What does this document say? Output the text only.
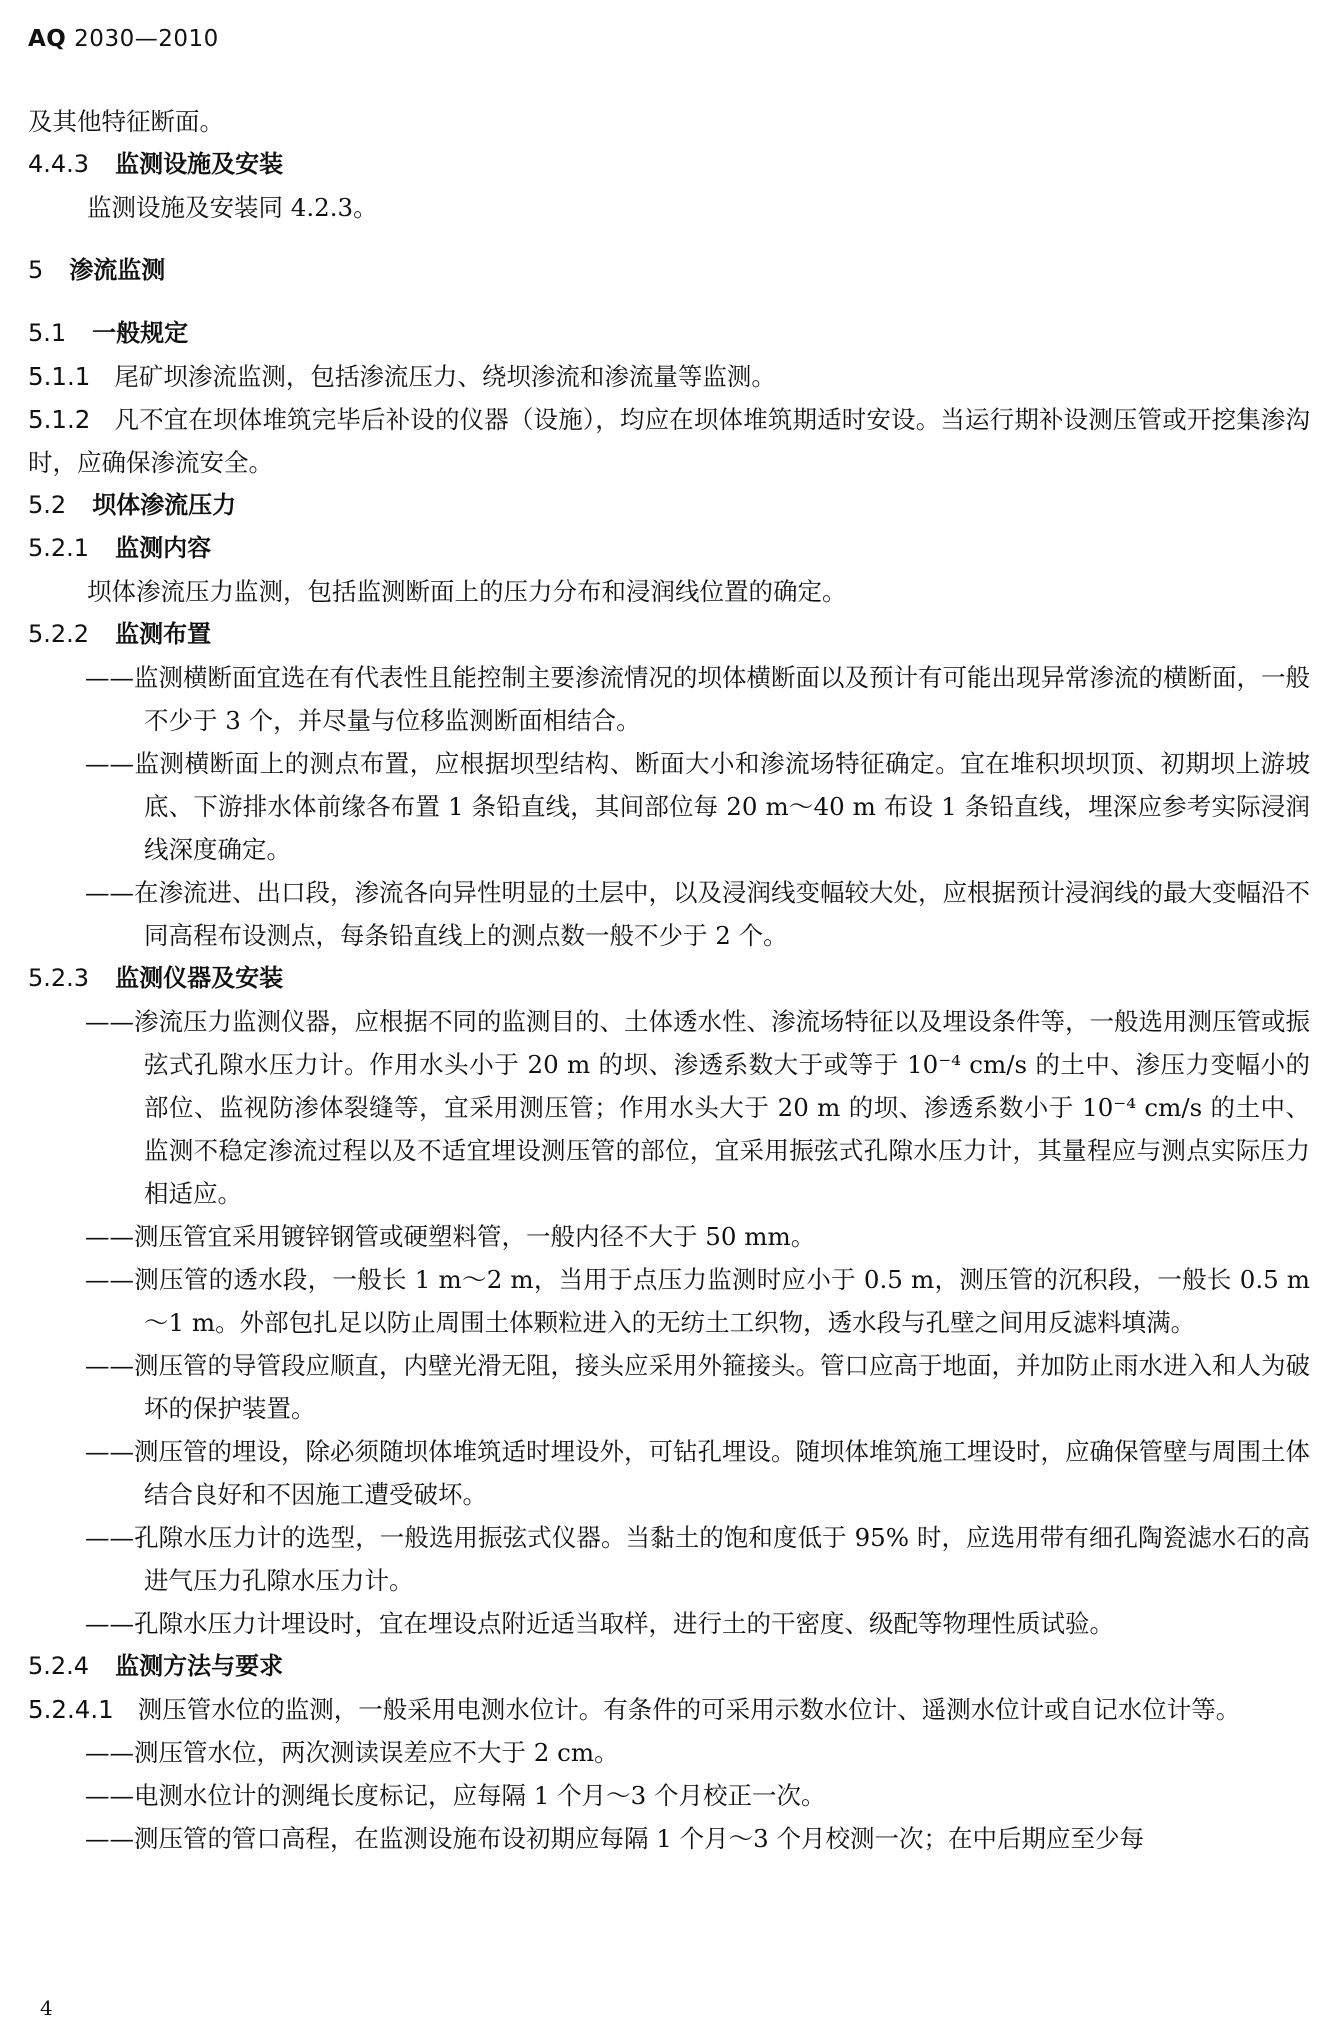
AQ 2030—2010

及其他特征断面。

4.4.3 监测设施及安装

监测设施及安装同 4.2.3。

5 渗流监测

5.1 一般规定

5.1.1 尾矿坝渗流监测，包括渗流压力、绕坝渗流和渗流量等监测。

5.1.2 凡不宜在坝体堆筑完毕后补设的仪器（设施），均应在坝体堆筑期适时安设。当运行期补设测压管或开挖集渗沟时，应确保渗流安全。

5.2 坝体渗流压力

5.2.1 监测内容

坝体渗流压力监测，包括监测断面上的压力分布和浸润线位置的确定。

5.2.2 监测布置

——监测横断面宜选在有代表性且能控制主要渗流情况的坝体横断面以及预计有可能出现异常渗流的横断面，一般不少于 3 个，并尽量与位移监测断面相结合。

——监测横断面上的测点布置，应根据坝型结构、断面大小和渗流场特征确定。宜在堆积坝坝顶、初期坝上游坡底、下游排水体前缘各布置 1 条铅直线，其间部位每 20 m～40 m 布设 1 条铅直线，埋深应参考实际浸润线深度确定。

——在渗流进、出口段，渗流各向异性明显的土层中，以及浸润线变幅较大处，应根据预计浸润线的最大变幅沿不同高程布设测点，每条铅直线上的测点数一般不少于 2 个。

5.2.3 监测仪器及安装

——渗流压力监测仪器，应根据不同的监测目的、土体透水性、渗流场特征以及埋设条件等，一般选用测压管或振弦式孔隙水压力计。作用水头小于 20 m 的坝、渗透系数大于或等于 10⁻⁴ cm/s 的土中、渗压力变幅小的部位、监视防渗体裂缝等，宜采用测压管；作用水头大于 20 m 的坝、渗透系数小于 10⁻⁴ cm/s 的土中、监测不稳定渗流过程以及不适宜埋设测压管的部位，宜采用振弦式孔隙水压力计，其量程应与测点实际压力相适应。

——测压管宜采用镀锌钢管或硬塑料管，一般内径不大于 50 mm。

——测压管的透水段，一般长 1 m～2 m，当用于点压力监测时应小于 0.5 m，测压管的沉积段，一般长 0.5 m～1 m。外部包扎足以防止周围土体颗粒进入的无纺土工织物，透水段与孔壁之间用反滤料填满。

——测压管的导管段应顺直，内壁光滑无阻，接头应采用外箍接头。管口应高于地面，并加防止雨水进入和人为破坏的保护装置。

——测压管的埋设，除必须随坝体堆筑适时埋设外，可钻孔埋设。随坝体堆筑施工埋设时，应确保管壁与周围土体结合良好和不因施工遭受破坏。

——孔隙水压力计的选型，一般选用振弦式仪器。当黏土的饱和度低于 95% 时，应选用带有细孔陶瓷滤水石的高进气压力孔隙水压力计。

——孔隙水压力计埋设时，宜在埋设点附近适当取样，进行土的干密度、级配等物理性质试验。

5.2.4 监测方法与要求

5.2.4.1 测压管水位的监测，一般采用电测水位计。有条件的可采用示数水位计、遥测水位计或自记水位计等。

——测压管水位，两次测读误差应不大于 2 cm。

——电测水位计的测绳长度标记，应每隔 1 个月～3 个月校正一次。

——测压管的管口高程，在监测设施布设初期应每隔 1 个月～3 个月校测一次；在中后期应至少每

4
